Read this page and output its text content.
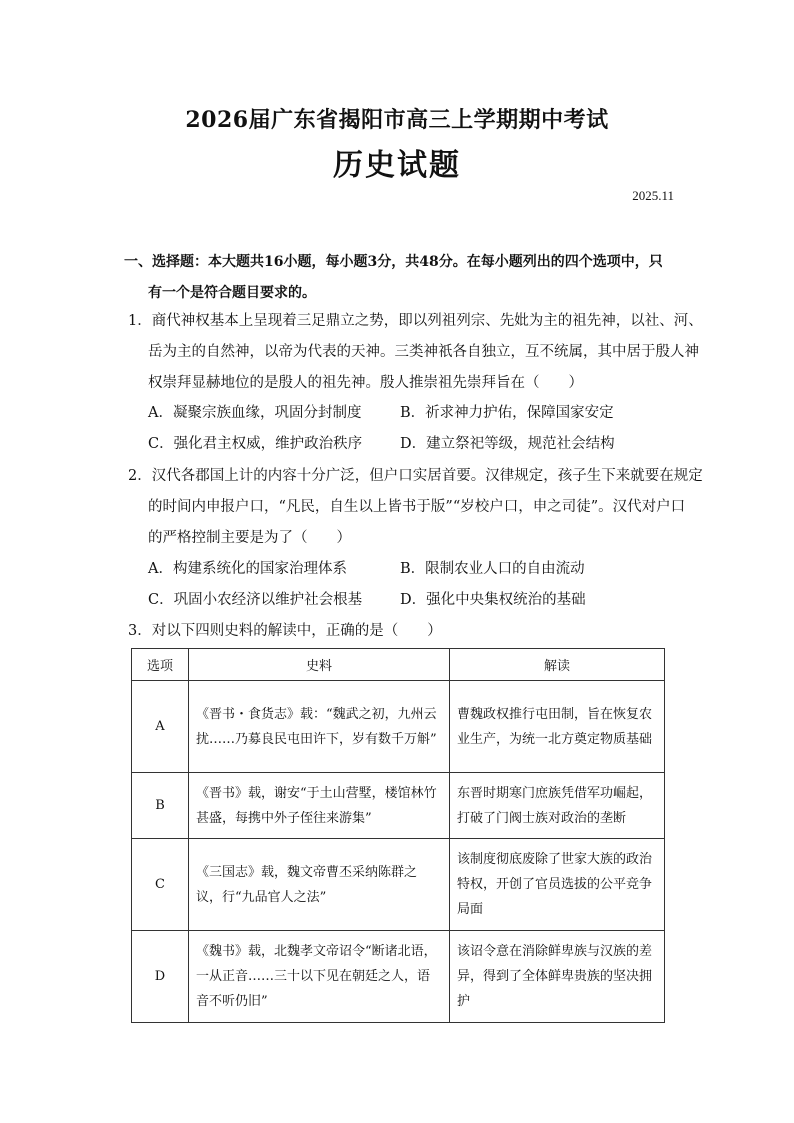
2026届广东省揭阳市高三上学期期中考试
历史试题
2025.11
一、选择题：本大题共16小题，每小题3分，共48分。在每小题列出的四个选项中，只
有一个是符合题目要求的。
1．商代神权基本上呈现着三足鼎立之势，即以列祖列宗、先妣为主的祖先神，以社、河、
岳为主的自然神，以帝为代表的天神。三类神祇各自独立，互不统属，其中居于殷人神
权崇拜显赫地位的是殷人的祖先神。殷人推崇祖先崇拜旨在（　　）
A．凝聚宗族血缘，巩固分封制度	B．祈求神力护佑，保障国家安定
C．强化君主权威，维护政治秩序	D．建立祭祀等级，规范社会结构
2．汉代各郡国上计的内容十分广泛，但户口实居首要。汉律规定，孩子生下来就要在规定
的时间内申报户口，“凡民，自生以上皆书于版”“岁校户口，申之司徒”。汉代对户口
的严格控制主要是为了（　　）
A．构建系统化的国家治理体系	B．限制农业人口的自由流动
C．巩固小农经济以维护社会根基	D．强化中央集权统治的基础
3．对以下四则史料的解读中，正确的是（　　）
选项	史料	解读
A	《晋书・食货志》载：“魏武之初，九州云扰……乃募良民屯田许下，岁有数千万斛”	曹魏政权推行屯田制，旨在恢复农业生产，为统一北方奠定物质基础
B	《晋书》载，谢安“于土山营墅，楼馆林竹甚盛，每携中外子侄往来游集”	东晋时期寒门庶族凭借军功崛起，打破了门阀士族对政治的垄断
C	《三国志》载，魏文帝曹丕采纳陈群之议，行“九品官人之法”	该制度彻底废除了世家大族的政治特权，开创了官员选拔的公平竞争局面
D	《魏书》载，北魏孝文帝诏令“断诸北语，一从正音……三十以下见在朝廷之人，语音不听仍旧”	该诏令意在消除鲜卑族与汉族的差异，得到了全体鲜卑贵族的坚决拥护
